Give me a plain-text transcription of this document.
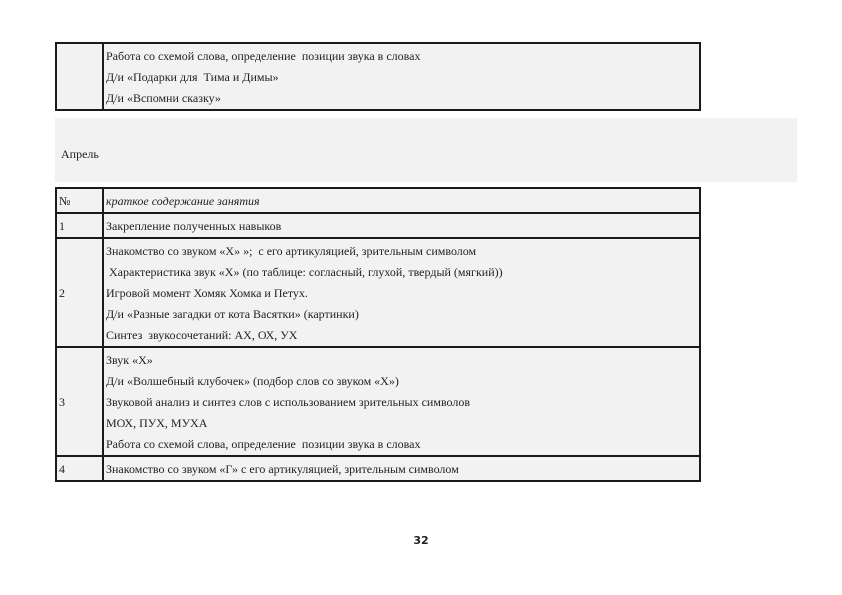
Работа со схемой слова, определение  позиции звука в словах
Д/и «Подарки для  Тима и Димы»
Д/и «Вспомни сказку»
Апрель
№	краткое содержание занятия
1	Закрепление полученных навыков

2	Знакомство со звуком «Х» »;  с его артикуляцией, зрительным символом
Характеристика звук «Х» (по таблице: согласный, глухой, твердый (мягкий))
Игровой момент Хомяк Хомка и Петух.
Д/и «Разные загадки от кота Васятки» (картинки)
Синтез  звукосочетаний: АХ, ОХ, УХ

3	Звук «Х»
Д/и «Волшебный клубочек» (подбор слов со звуком «Х»)
Звуковой анализ и синтез слов с использованием зрительных символов
МОХ, ПУХ, МУХА
Работа со схемой слова, определение  позиции звука в словах

4	Знакомство со звуком «Г» с его артикуляцией, зрительным символом
32
